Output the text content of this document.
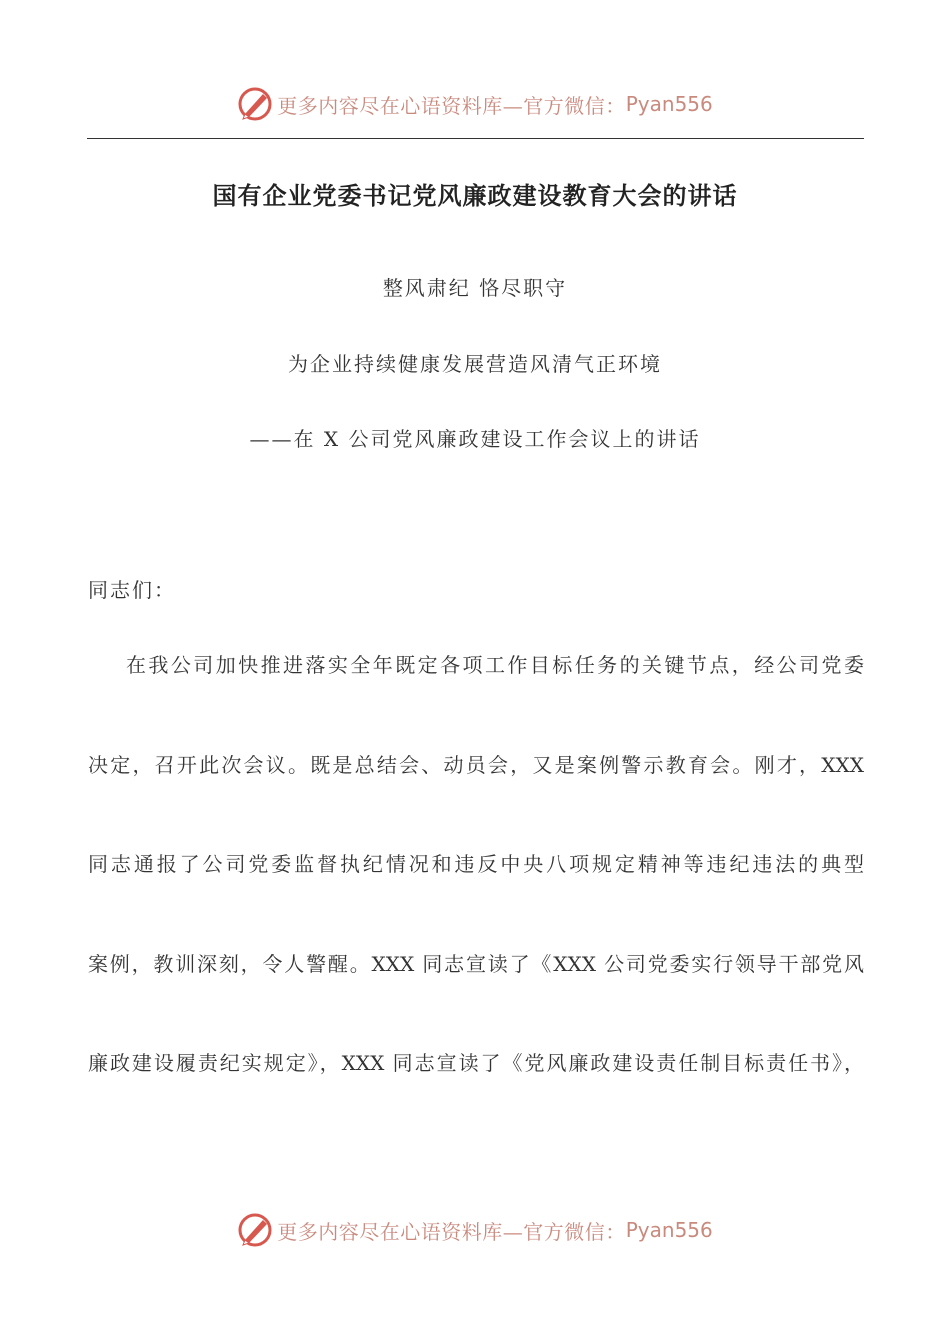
更多内容尽在心语资料库—官方微信： Pyan556
国有企业党委书记党风廉政建设教育大会的讲话
整风肃纪 恪尽职守
为企业持续健康发展营造风清气正环境
——在 X 公司党风廉政建设工作会议上的讲话
同志们：
在我公司加快推进落实全年既定各项工作目标任务的关键节点，经公司党委
决定，召开此次会议。既是总结会、动员会，又是案例警示教育会。刚才，XXX
同志通报了公司党委监督执纪情况和违反中央八项规定精神等违纪违法的典型
案例，教训深刻，令人警醒。XXX 同志宣读了《XXX 公司党委实行领导干部党风
廉政建设履责纪实规定》，XXX 同志宣读了《党风廉政建设责任制目标责任书》，
更多内容尽在心语资料库—官方微信： Pyan556
